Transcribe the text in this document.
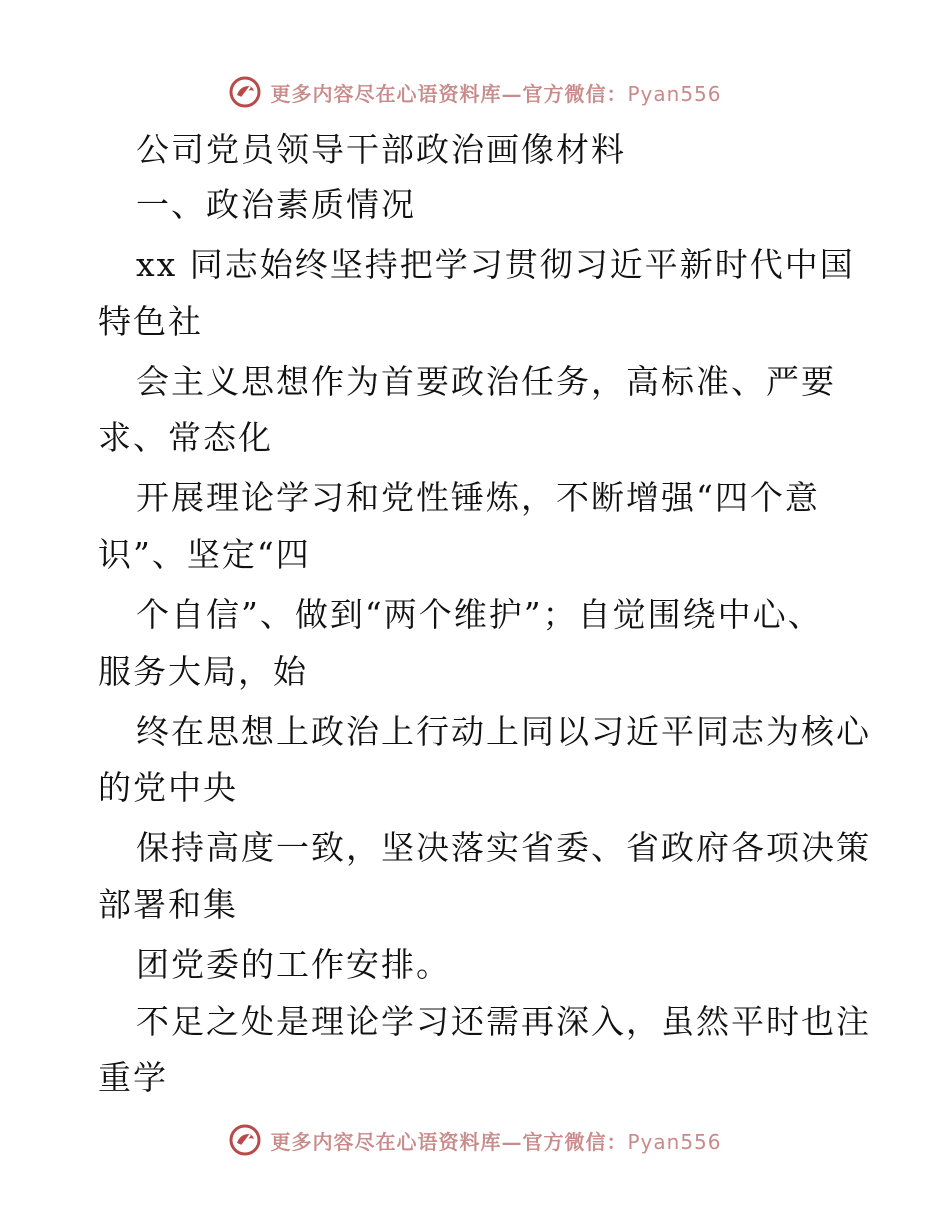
更多内容尽在心语资料库—官方微信：Pyan556
公司党员领导干部政治画像材料
一、政治素质情况
xx 同志始终坚持把学习贯彻习近平新时代中国
特色社
会主义思想作为首要政治任务，高标准、严要
求、常态化
开展理论学习和党性锤炼，不断增强“四个意
识”、坚定“四
个自信”、做到“两个维护”；自觉围绕中心、
服务大局，始
终在思想上政治上行动上同以习近平同志为核心
的党中央
保持高度一致，坚决落实省委、省政府各项决策
部署和集
团党委的工作安排。
不足之处是理论学习还需再深入，虽然平时也注
重学
更多内容尽在心语资料库—官方微信：Pyan556
